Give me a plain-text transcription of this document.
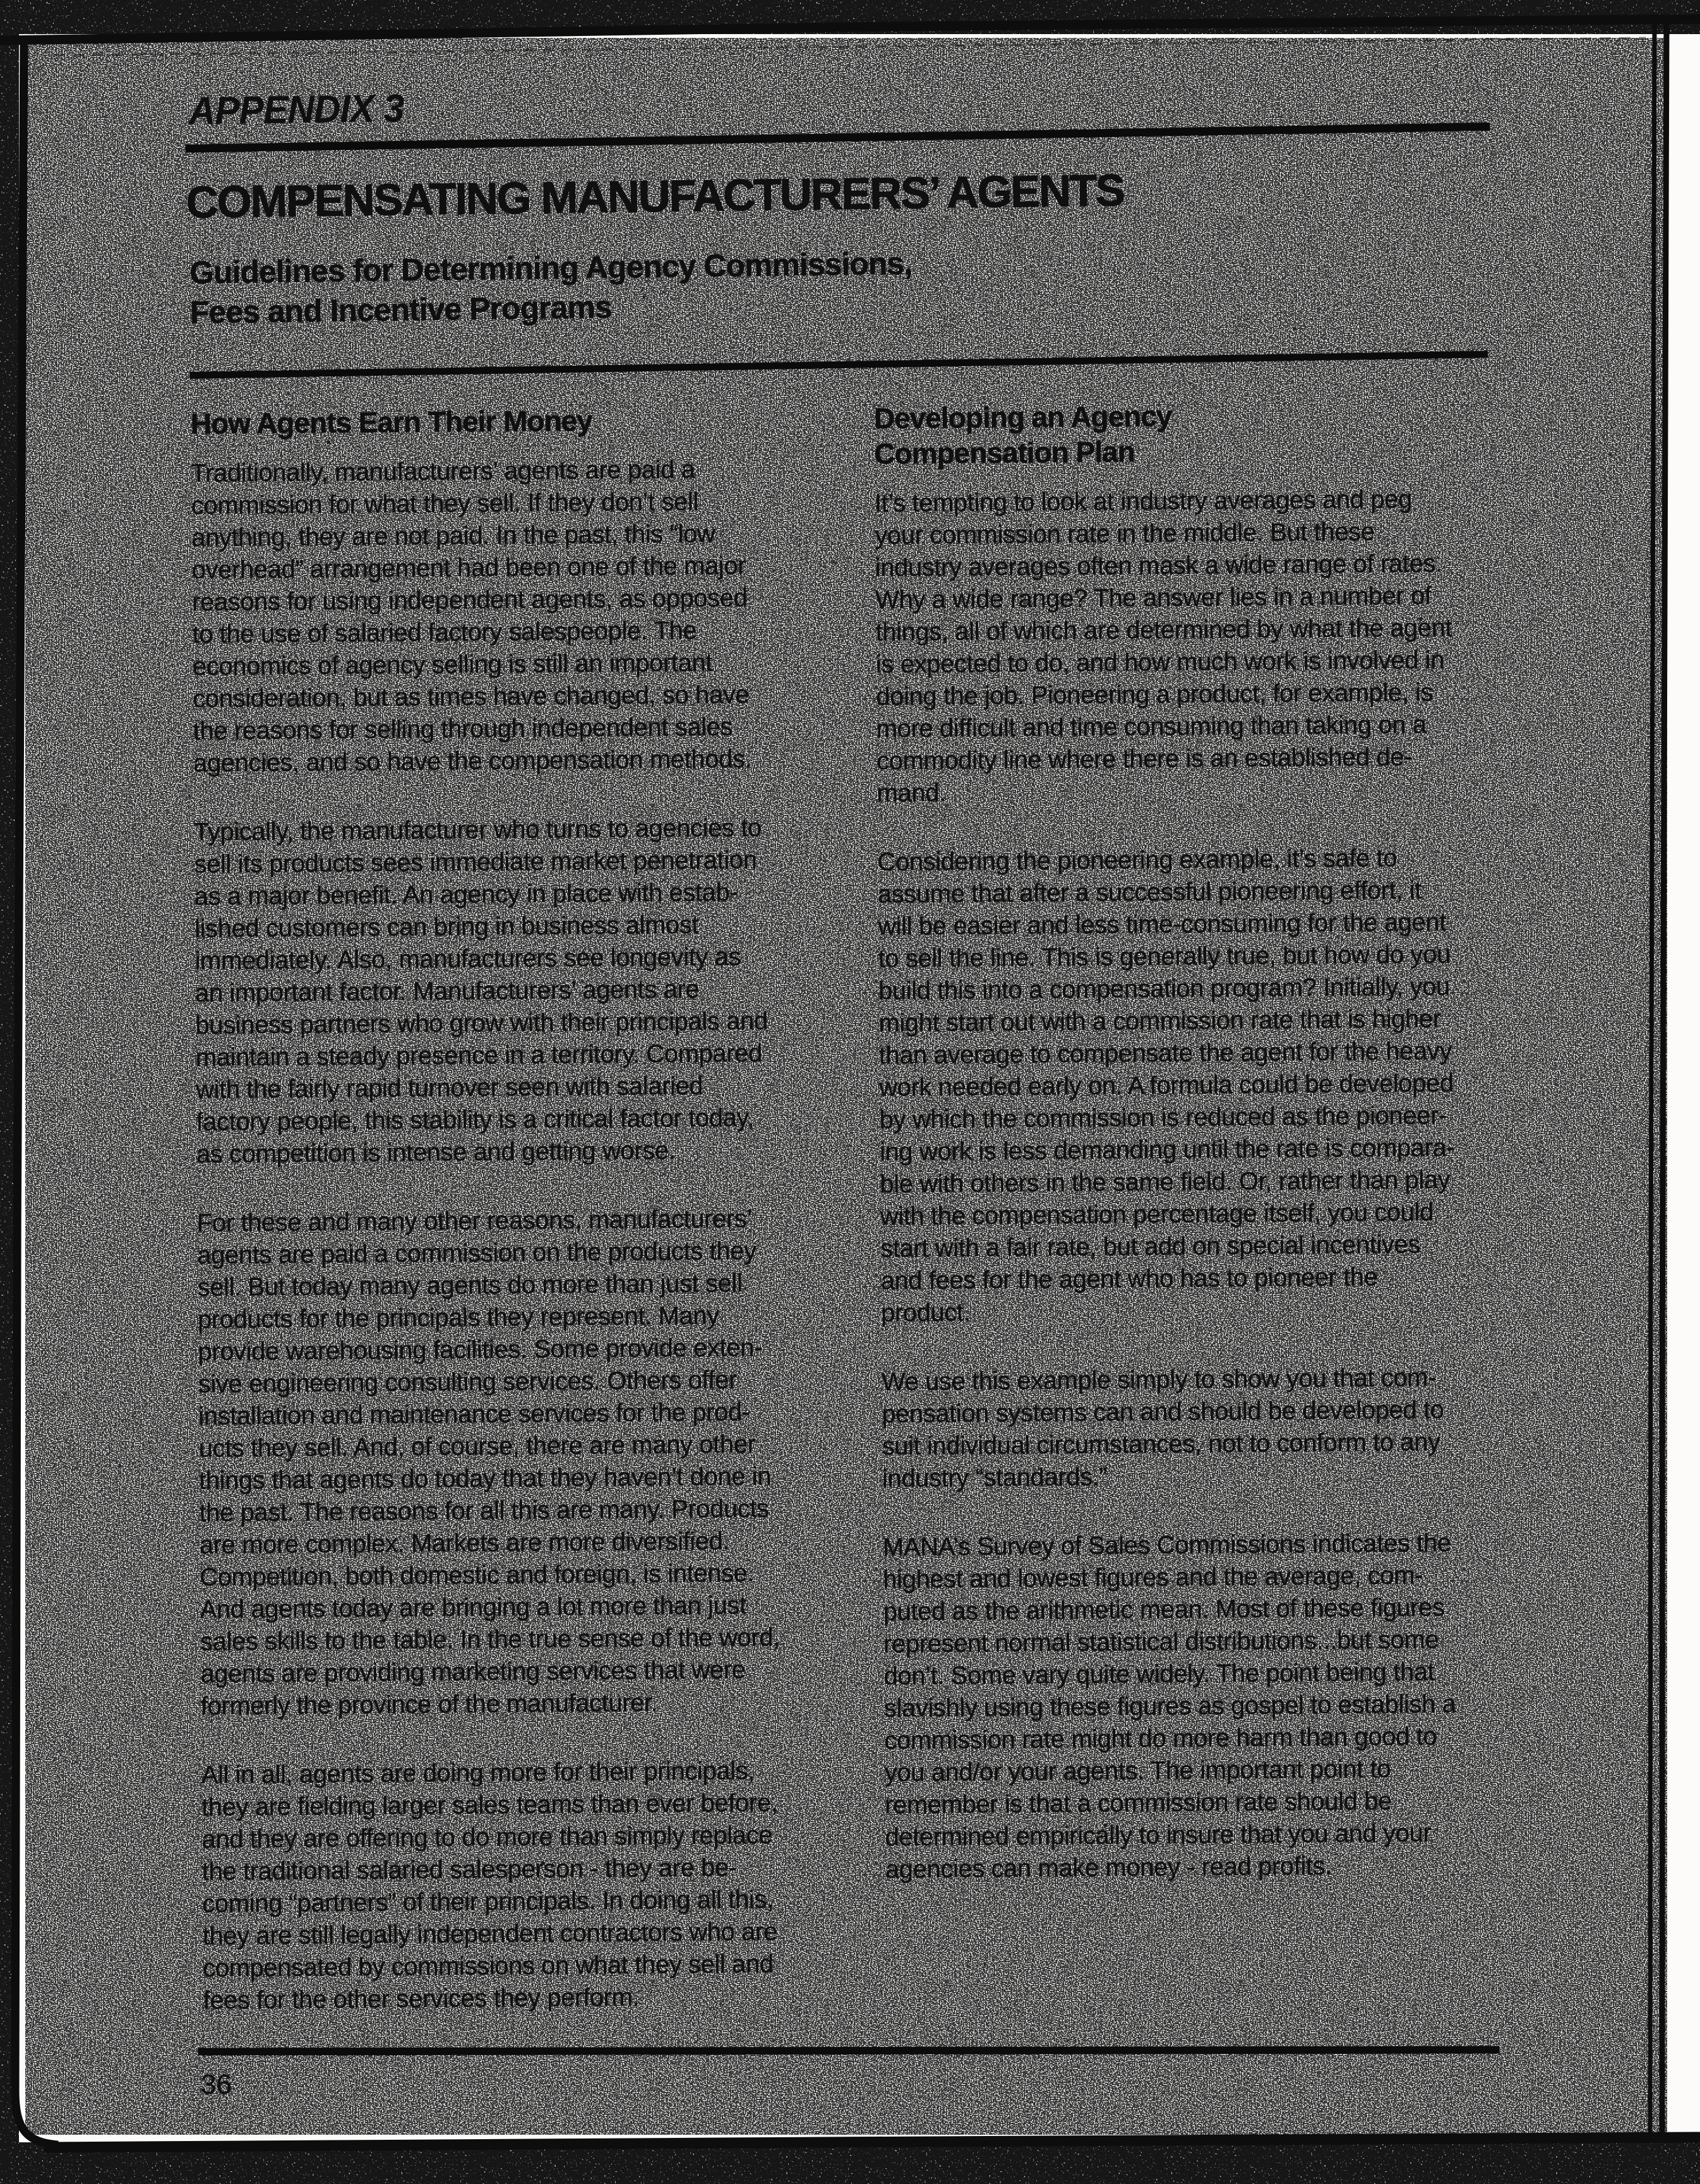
APPENDIX 3
COMPENSATING MANUFACTURERS’ AGENTS
Guidelines for Determining Agency Commissions,
Fees and Incentive Programs
How Agents Earn Their Money

Traditionally, manufacturers’ agents are paid a
commission for what they sell. If they don’t sell
anything, they are not paid. In the past, this “low
overhead” arrangement had been one of the major
reasons for using independent agents, as opposed
to the use of salaried factory salespeople. The
economics of agency selling is still an important
consideration, but as times have changed, so have
the reasons for selling through independent sales
agencies, and so have the compensation methods.

Typically, the manufacturer who turns to agencies to
sell its products sees immediate market penetration
as a major benefit. An agency in place with estab-
lished customers can bring in business almost
immediately. Also, manufacturers see longevity as
an important factor. Manufacturers’ agents are
business partners who grow with their principals and
maintain a steady presence in a territory. Compared
with the fairly rapid turnover seen with salaried
factory people, this stability is a critical factor today,
as competition is intense and getting worse.

For these and many other reasons, manufacturers’
agents are paid a commission on the products they
sell. But today many agents do more than just sell
products for the principals they represent. Many
provide warehousing facilities. Some provide exten-
sive engineering consulting services. Others offer
installation and maintenance services for the prod-
ucts they sell. And, of course, there are many other
things that agents do today that they haven’t done in
the past. The reasons for all this are many. Products
are more complex. Markets are more diversified.
Competition, both domestic and foreign, is intense.
And agents today are bringing a lot more than just
sales skills to the table. In the true sense of the word,
agents are providing marketing services that were
formerly the province of the manufacturer.

All in all, agents are doing more for their principals,
they are fielding larger sales teams than ever before,
and they are offering to do more than simply replace
the traditional salaried salesperson - they are be-
coming “partners” of their principals. In doing all this,
they are still legally independent contractors who are
compensated by commissions on what they sell and
fees for the other services they perform.

Developing an Agency
Compensation Plan

It’s tempting to look at industry averages and peg
your commission rate in the middle. But these
industry averages often mask a wide range of rates.
Why a wide range? The answer lies in a number of
things, all of which are determined by what the agent
is expected to do, and how much work is involved in
doing the job. Pioneering a product, for example, is
more difficult and time consuming than taking on a
commodity line where there is an established de-
mand.

Considering the pioneering example, it’s safe to
assume that after a successful pioneering effort, it
will be easier and less time-consuming for the agent
to sell the line. This is generally true, but how do you
build this into a compensation program? Initially, you
might start out with a commission rate that is higher
than average to compensate the agent for the heavy
work needed early on. A formula could be developed
by which the commission is reduced as the pioneer-
ing work is less demanding until the rate is compara-
ble with others in the same field. Or, rather than play
with the compensation percentage itself, you could
start with a fair rate, but add on special incentives
and fees for the agent who has to pioneer the
product.

We use this example simply to show you that com-
pensation systems can and should be developed to
suit individual circumstances, not to conform to any
industry “standards.”

MANA’s Survey of Sales Commissions indicates the
highest and lowest figures and the average, com-
puted as the arithmetic mean. Most of these figures
represent normal statistical distributions...but some
don’t. Some vary quite widely. The point being that
slavishly using these figures as gospel to establish a
commission rate might do more harm than good to
you and/or your agents. The important point to
remember is that a commission rate should be
determined empirically to insure that you and your
agencies can make money - read profits.

36
